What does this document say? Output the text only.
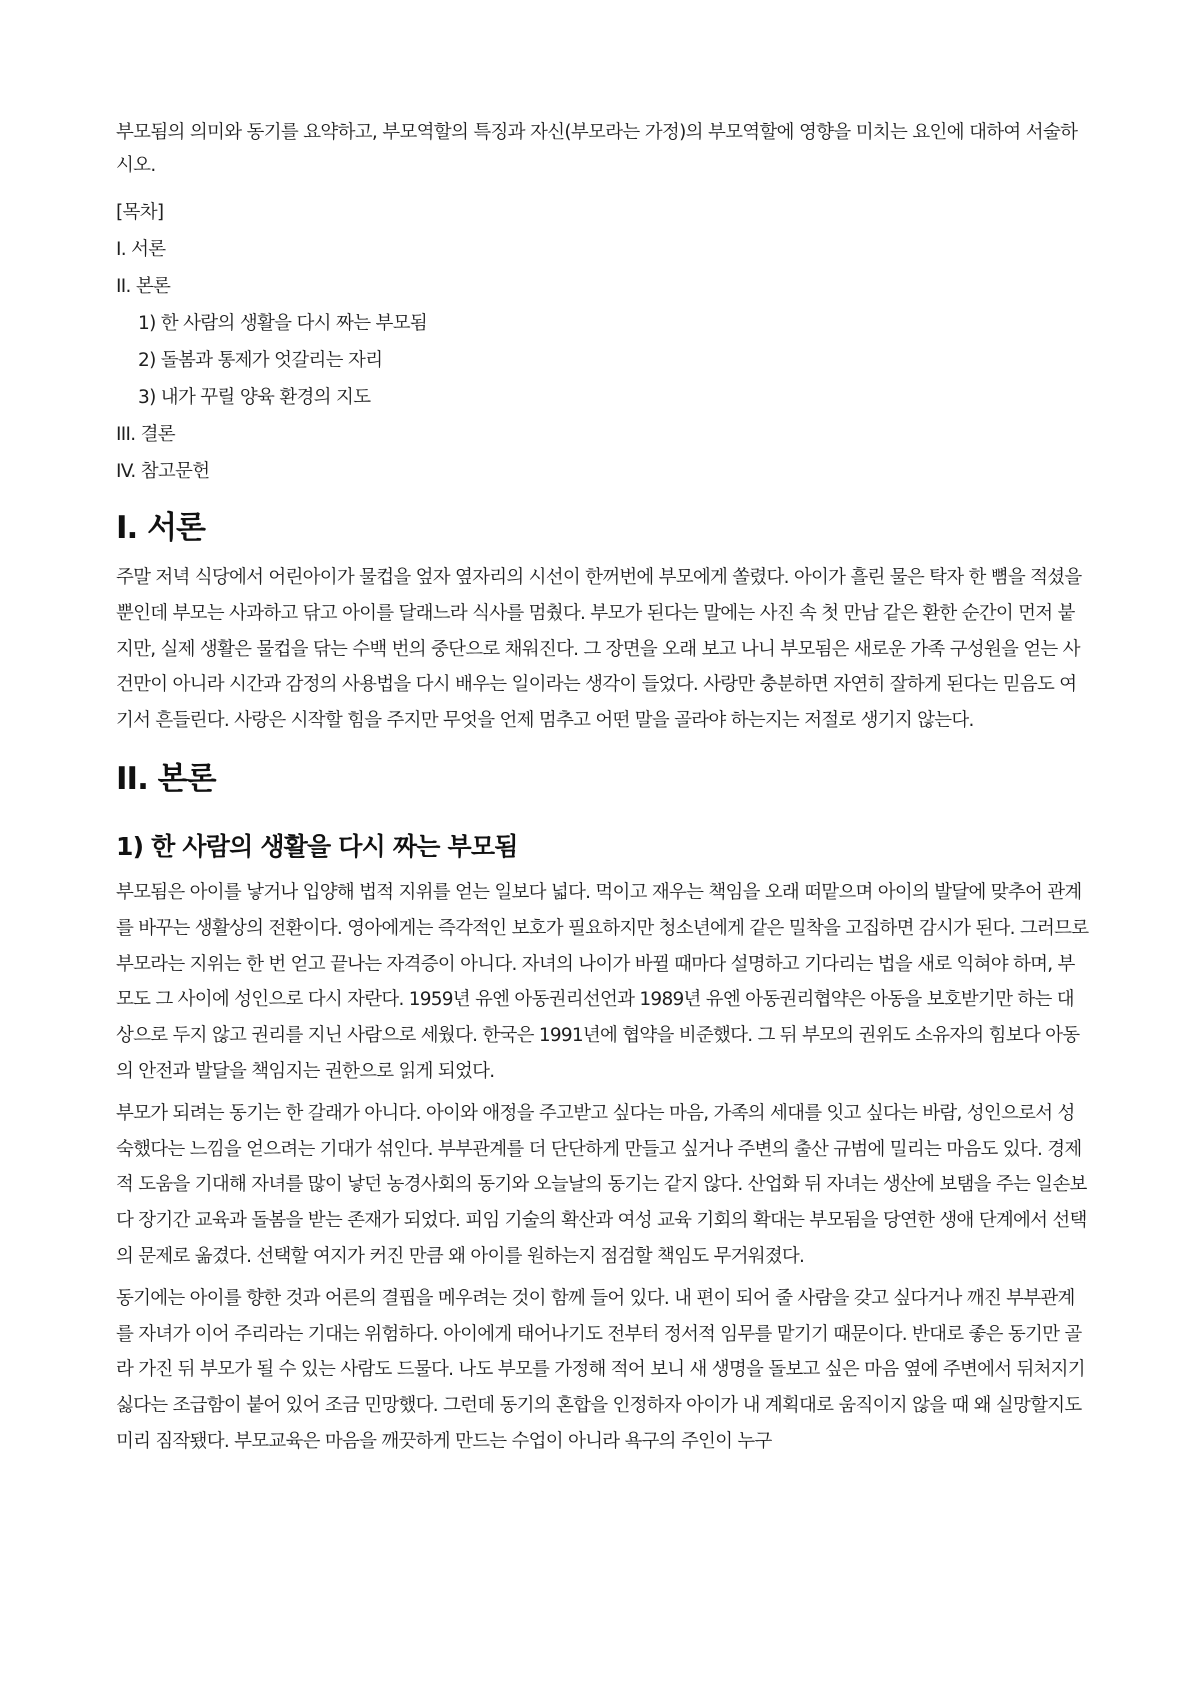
부모됨의 의미와 동기를 요약하고, 부모역할의 특징과 자신(부모라는 가정)의 부모역할에 영향을 미치는 요인에 대하여 서술하시오.

[목차]

I. 서론
II. 본론
1) 한 사람의 생활을 다시 짜는 부모됨
2) 돌봄과 통제가 엇갈리는 자리
3) 내가 꾸릴 양육 환경의 지도
III. 결론
IV. 참고문헌
I. 서론

주말 저녁 식당에서 어린아이가 물컵을 엎자 옆자리의 시선이 한꺼번에 부모에게 쏠렸다. 아이가 흘린 물은 탁자 한 뼘을 적셨을 뿐인데 부모는 사과하고 닦고 아이를 달래느라 식사를 멈췄다. 부모가 된다는 말에는 사진 속 첫 만남 같은 환한 순간이 먼저 붙지만, 실제 생활은 물컵을 닦는 수백 번의 중단으로 채워진다. 그 장면을 오래 보고 나니 부모됨은 새로운 가족 구성원을 얻는 사건만이 아니라 시간과 감정의 사용법을 다시 배우는 일이라는 생각이 들었다. 사랑만 충분하면 자연히 잘하게 된다는 믿음도 여기서 흔들린다. 사랑은 시작할 힘을 주지만 무엇을 언제 멈추고 어떤 말을 골라야 하는지는 저절로 생기지 않는다.

II. 본론
1) 한 사람의 생활을 다시 짜는 부모됨

부모됨은 아이를 낳거나 입양해 법적 지위를 얻는 일보다 넓다. 먹이고 재우는 책임을 오래 떠맡으며 아이의 발달에 맞추어 관계를 바꾸는 생활상의 전환이다. 영아에게는 즉각적인 보호가 필요하지만 청소년에게 같은 밀착을 고집하면 감시가 된다. 그러므로 부모라는 지위는 한 번 얻고 끝나는 자격증이 아니다. 자녀의 나이가 바뀔 때마다 설명하고 기다리는 법을 새로 익혀야 하며, 부모도 그 사이에 성인으로 다시 자란다. 1959년 유엔 아동권리선언과 1989년 유엔 아동권리협약은 아동을 보호받기만 하는 대상으로 두지 않고 권리를 지닌 사람으로 세웠다. 한국은 1991년에 협약을 비준했다. 그 뒤 부모의 권위도 소유자의 힘보다 아동의 안전과 발달을 책임지는 권한으로 읽게 되었다.

부모가 되려는 동기는 한 갈래가 아니다. 아이와 애정을 주고받고 싶다는 마음, 가족의 세대를 잇고 싶다는 바람, 성인으로서 성숙했다는 느낌을 얻으려는 기대가 섞인다. 부부관계를 더 단단하게 만들고 싶거나 주변의 출산 규범에 밀리는 마음도 있다. 경제적 도움을 기대해 자녀를 많이 낳던 농경사회의 동기와 오늘날의 동기는 같지 않다. 산업화 뒤 자녀는 생산에 보탬을 주는 일손보다 장기간 교육과 돌봄을 받는 존재가 되었다. 피임 기술의 확산과 여성 교육 기회의 확대는 부모됨을 당연한 생애 단계에서 선택의 문제로 옮겼다. 선택할 여지가 커진 만큼 왜 아이를 원하는지 점검할 책임도 무거워졌다.

동기에는 아이를 향한 것과 어른의 결핍을 메우려는 것이 함께 들어 있다. 내 편이 되어 줄 사람을 갖고 싶다거나 깨진 부부관계를 자녀가 이어 주리라는 기대는 위험하다. 아이에게 태어나기도 전부터 정서적 임무를 맡기기 때문이다. 반대로 좋은 동기만 골라 가진 뒤 부모가 될 수 있는 사람도 드물다. 나도 부모를 가정해 적어 보니 새 생명을 돌보고 싶은 마음 옆에 주변에서 뒤처지기 싫다는 조급함이 붙어 있어 조금 민망했다. 그런데 동기의 혼합을 인정하자 아이가 내 계획대로 움직이지 않을 때 왜 실망할지도 미리 짐작됐다. 부모교육은 마음을 깨끗하게 만드는 수업이 아니라 욕구의 주인이 누구
